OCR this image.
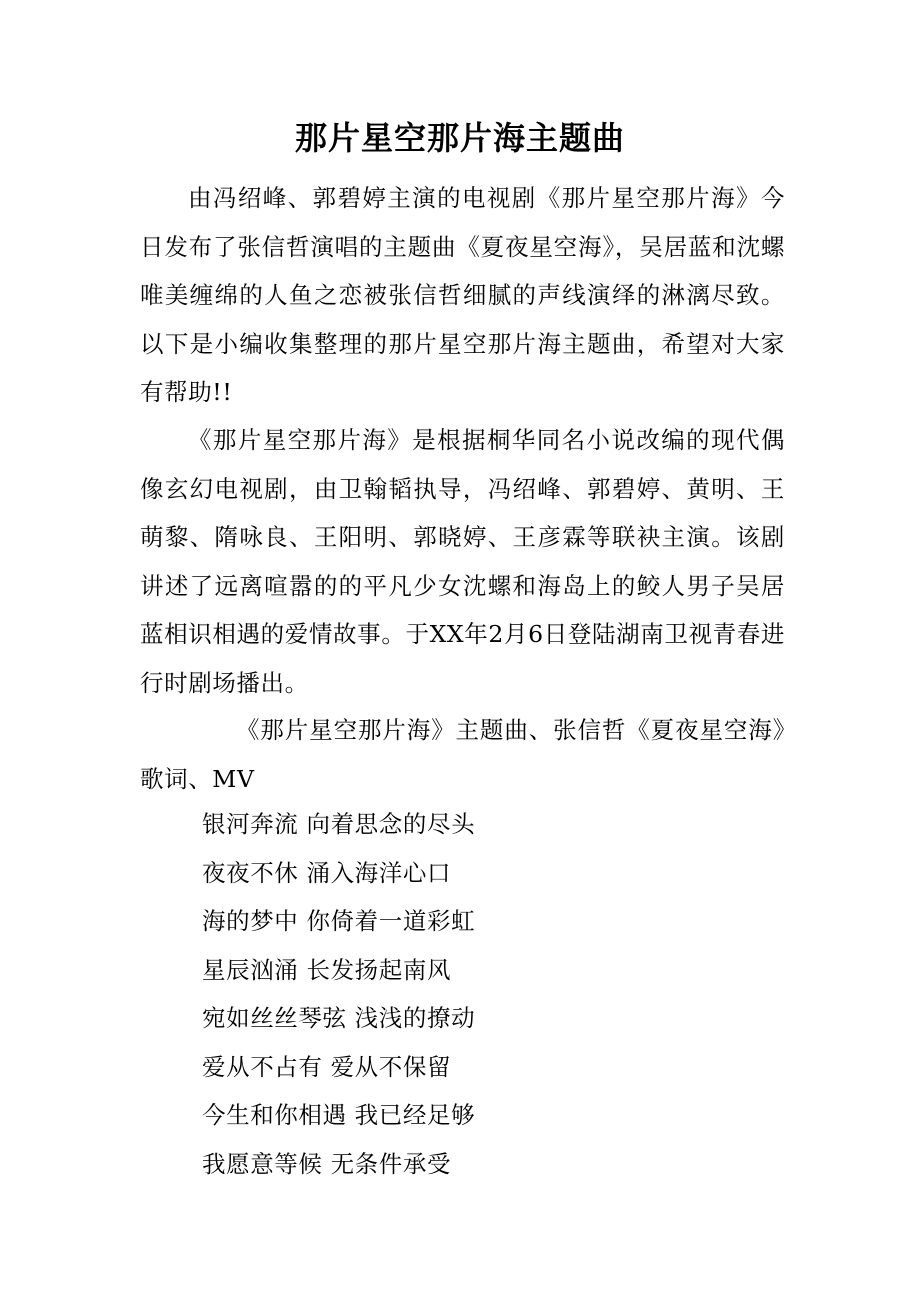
那片星空那片海主题曲

由冯绍峰、郭碧婷主演的电视剧《那片星空那片海》今日发布了张信哲演唱的主题曲《夏夜星空海》，吴居蓝和沈螺唯美缠绵的人鱼之恋被张信哲细腻的声线演绎的淋漓尽致。以下是小编收集整理的那片星空那片海主题曲，希望对大家有帮助!!

《那片星空那片海》是根据桐华同名小说改编的现代偶像玄幻电视剧，由卫翰韬执导，冯绍峰、郭碧婷、黄明、王萌黎、隋咏良、王阳明、郭晓婷、王彦霖等联袂主演。该剧讲述了远离喧嚣的的平凡少女沈螺和海岛上的鲛人男子吴居蓝相识相遇的爱情故事。于XX年2月6日登陆湖南卫视青春进行时剧场播出。

《那片星空那片海》主题曲、张信哲《夏夜星空海》歌词、MV

银河奔流 向着思念的尽头
夜夜不休 涌入海洋心口
海的梦中 你倚着一道彩虹
星辰汹涌 长发扬起南风
宛如丝丝琴弦 浅浅的撩动
爱从不占有 爱从不保留
今生和你相遇 我已经足够
我愿意等候 无条件承受
